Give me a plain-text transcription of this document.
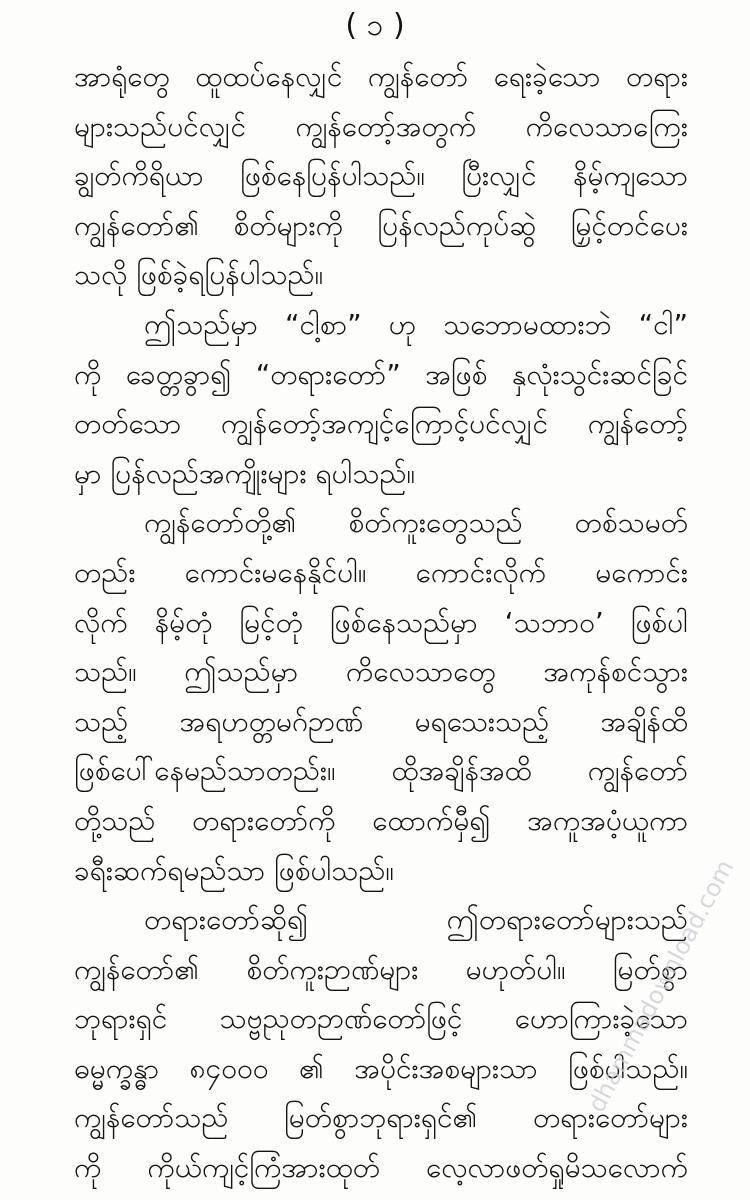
( ၁ )
အာရုံတွေ ထူထပ်နေလျှင် ကျွန်တော် ရေးခဲ့သော တရား
များသည်ပင်လျှင် ကျွန်တော့်အတွက် ကိလေသာကြေး
ချွတ်ကိရိယာ ဖြစ်နေပြန်ပါသည်။ ပြီးလျှင် နိမ့်ကျသော
ကျွန်တော်၏ စိတ်များကို ပြန်လည်ကုပ်ဆွဲ မြှင့်တင်ပေး
သလို ဖြစ်ခဲ့ရပြန်ပါသည်။
ဤသည်မှာ “ငါ့စာ” ဟု သဘောမထားဘဲ “ငါ”
ကို ခေတ္တခွာ၍ “တရားတော်” အဖြစ် နှလုံးသွင်းဆင်ခြင်
တတ်သော ကျွန်တော့်အကျင့်ကြောင့်ပင်လျှင် ကျွန်တော့်
မှာ ပြန်လည်အကျိုးများ ရပါသည်။
ကျွန်တော်တို့၏ စိတ်ကူးတွေသည် တစ်သမတ်
တည်း ကောင်းမနေနိုင်ပါ။ ကောင်းလိုက် မကောင်း
လိုက် နိမ့်တုံ မြင့်တုံ ဖြစ်နေသည်မှာ ‘သဘာဝ’ ဖြစ်ပါ
သည်။ ဤသည်မှာ ကိလေသာတွေ အကုန်စင်သွား
သည့် အရဟတ္တမဂ်ဉာဏ် မရသေးသည့် အချိန်ထိ
ဖြစ်ပေါ်နေမည်သာတည်း။ ထိုအချိန်အထိ ကျွန်တော်
တို့သည် တရားတော်ကို ထောက်မှီ၍ အကူအပံ့ယူကာ
ခရီးဆက်ရမည်သာ ဖြစ်ပါသည်။
တရားတော်ဆို၍ ဤတရားတော်များသည်
ကျွန်တော်၏ စိတ်ကူးဉာဏ်များ မဟုတ်ပါ။ မြတ်စွာ
ဘုရားရှင် သဗ္ဗညုတဉာဏ်တော်ဖြင့် ဟောကြားခဲ့သော
ဓမ္မက္ခန္ဓာ ၈၄၀၀၀ ၏ အပိုင်းအစများသာ ဖြစ်ပါသည်။
ကျွန်တော်သည် မြတ်စွာဘုရားရှင်၏ တရားတော်များ
ကို ကိုယ်ကျင့်ကြံအားထုတ် လေ့လာဖတ်ရှုမိသလောက်
dhammadownload.com
